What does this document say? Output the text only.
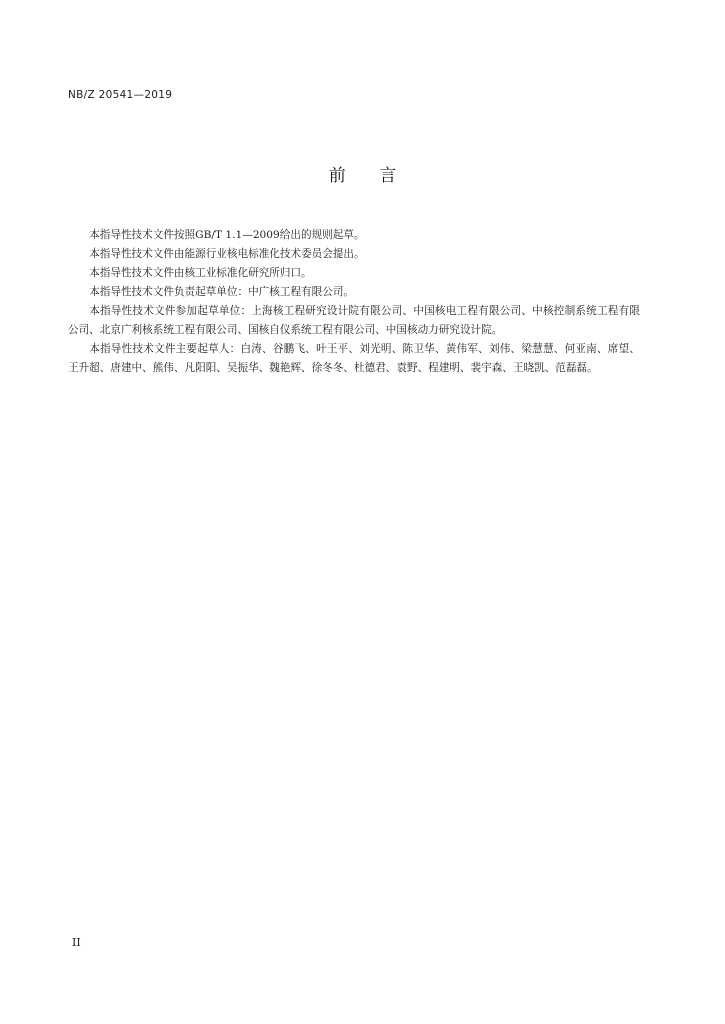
NB/Z 20541—2019
前 言

本指导性技术文件按照GB/T 1.1—2009给出的规则起草。

本指导性技术文件由能源行业核电标准化技术委员会提出。

本指导性技术文件由核工业标准化研究所归口。

本指导性技术文件负责起草单位：中广核工程有限公司。

本指导性技术文件参加起草单位：上海核工程研究设计院有限公司、中国核电工程有限公司、中核控制系统工程有限公司、北京广利核系统工程有限公司、国核自仪系统工程有限公司、中国核动力研究设计院。

本指导性技术文件主要起草人：白涛、谷鹏飞、叶王平、刘光明、陈卫华、黄伟军、刘伟、梁慧慧、何亚南、席望、王升超、唐建中、熊伟、凡阳阳、吴振华、魏艳辉、徐冬冬、杜德君、袁野、程建明、裴宇森、王晓凯、范磊磊。

II
